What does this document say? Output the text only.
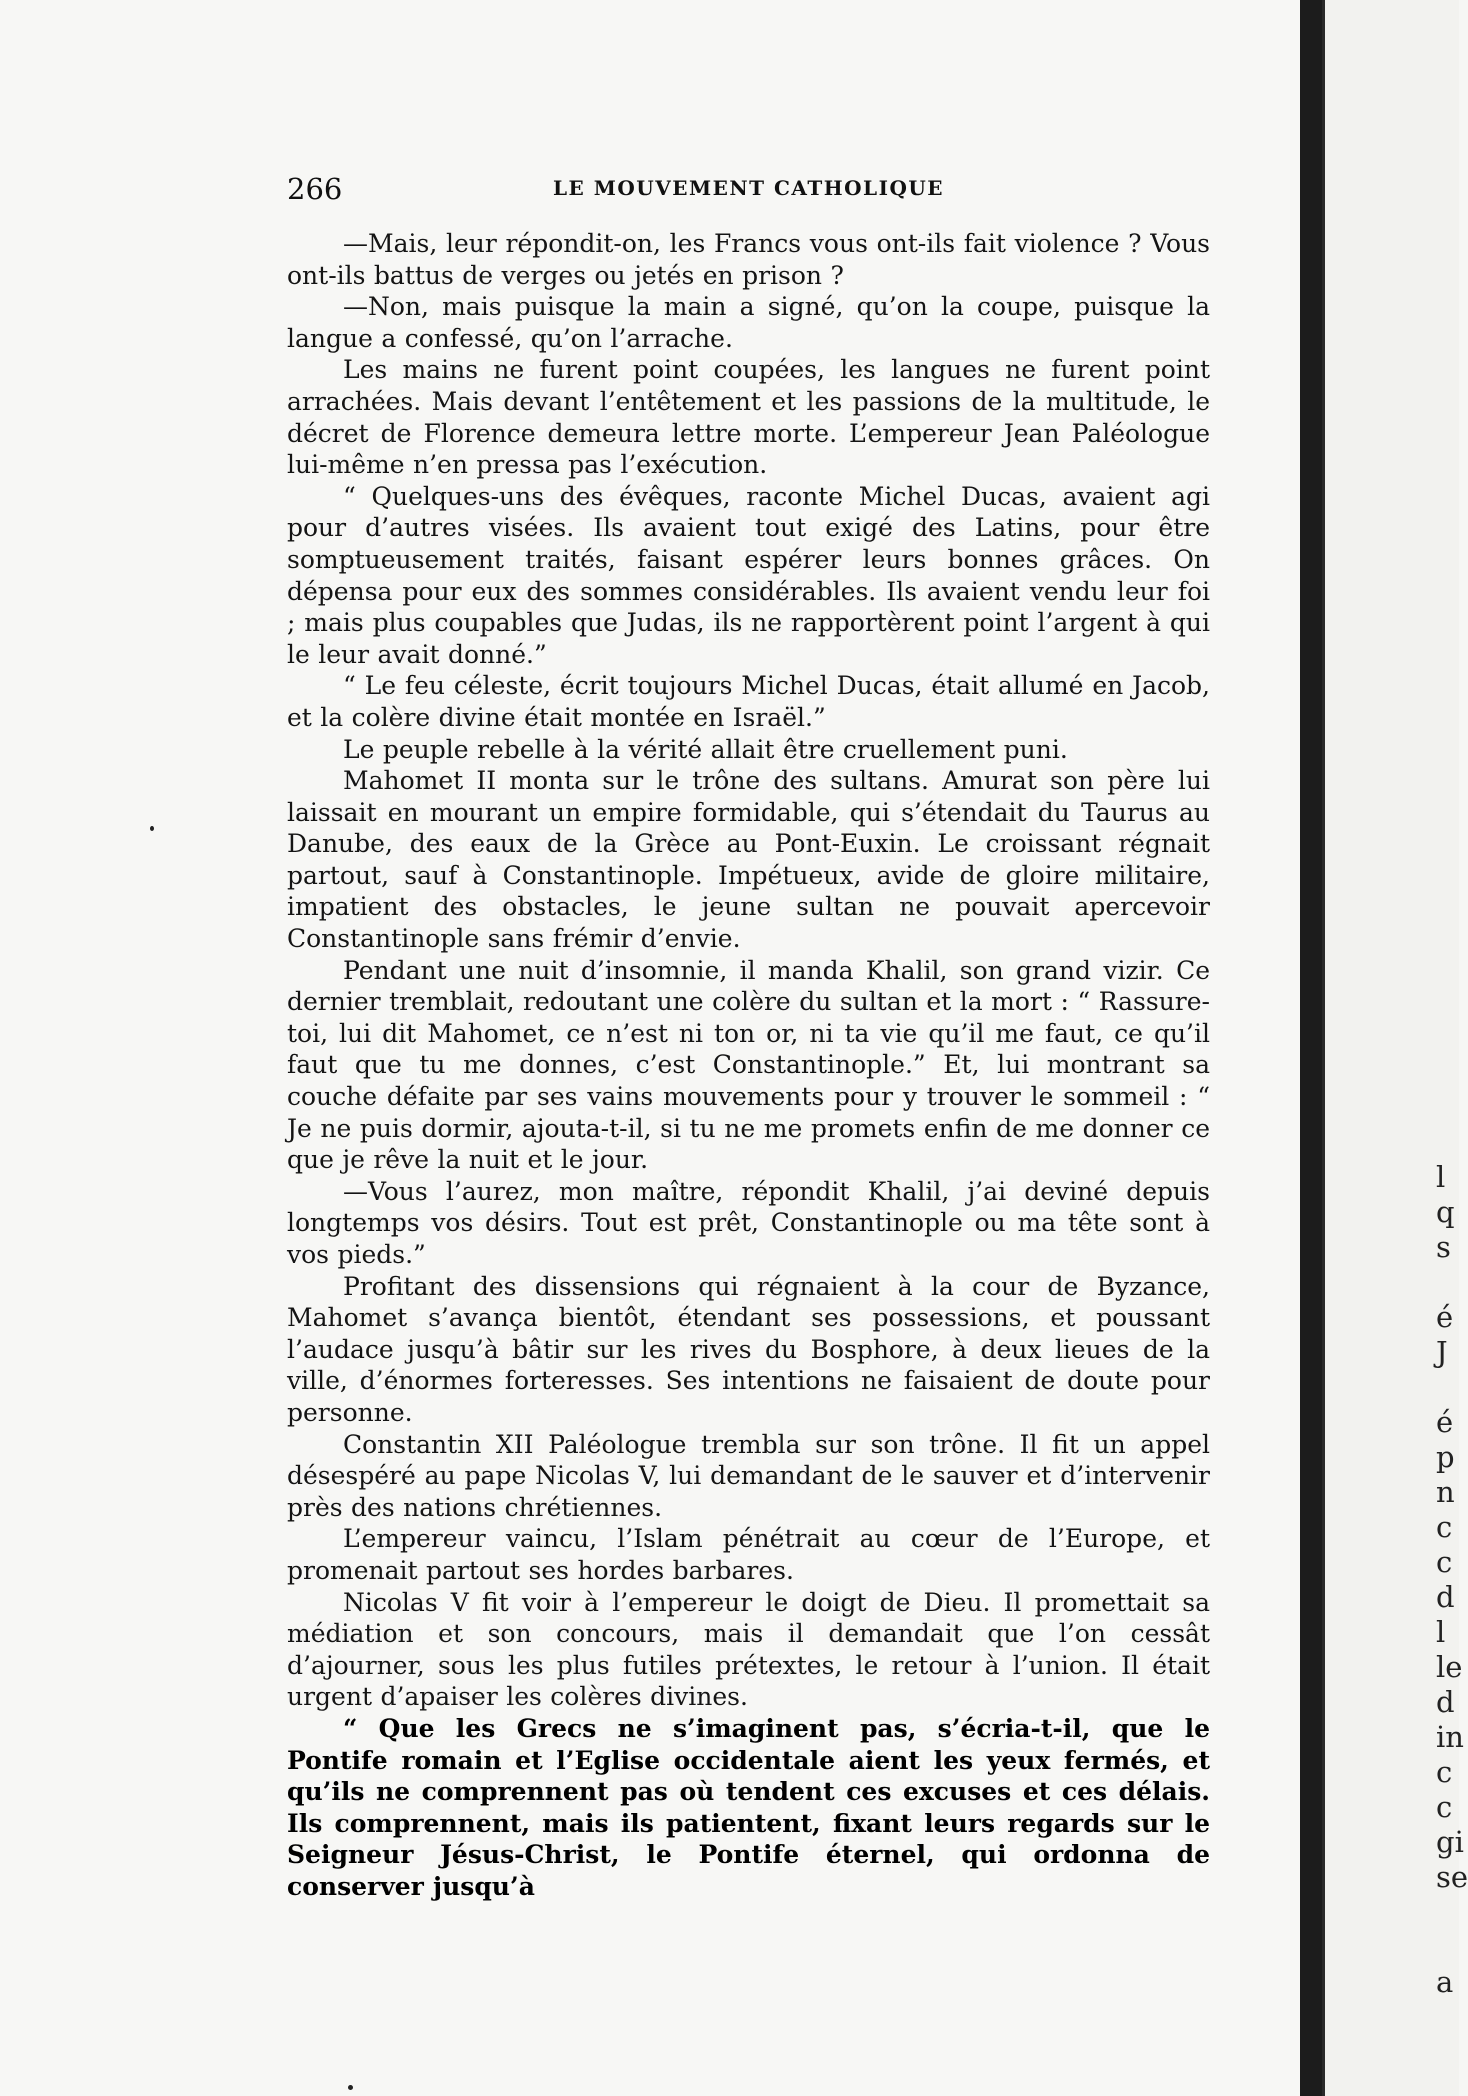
266	LE MOUVEMENT CATHOLIQUE

—Mais, leur répondit-on, les Francs vous ont-ils fait violence ? Vous ont-ils battus de verges ou jetés en prison ?

—Non, mais puisque la main a signé, qu’on la coupe, puisque la langue a confessé, qu’on l’arrache.

Les mains ne furent point coupées, les langues ne furent point arrachées. Mais devant l’entêtement et les passions de la multitude, le décret de Florence demeura lettre morte. L’empereur Jean Paléologue lui-même n’en pressa pas l’exécution.

“ Quelques-uns des évêques, raconte Michel Ducas, avaient agi pour d’autres visées. Ils avaient tout exigé des Latins, pour être somptueusement traités, faisant espérer leurs bonnes grâces. On dépensa pour eux des sommes considérables. Ils avaient vendu leur foi ; mais plus coupables que Judas, ils ne rapportèrent point l’argent à qui le leur avait donné.”

“ Le feu céleste, écrit toujours Michel Ducas, était allumé en Jacob, et la colère divine était montée en Israël.”

Le peuple rebelle à la vérité allait être cruellement puni.

Mahomet II monta sur le trône des sultans. Amurat son père lui laissait en mourant un empire formidable, qui s’étendait du Taurus au Danube, des eaux de la Grèce au Pont-Euxin. Le croissant régnait partout, sauf à Constantinople. Impétueux, avide de gloire militaire, impatient des obstacles, le jeune sultan ne pouvait apercevoir Constantinople sans frémir d’envie.

Pendant une nuit d’insomnie, il manda Khalil, son grand vizir. Ce dernier tremblait, redoutant une colère du sultan et la mort : “ Rassure-toi, lui dit Mahomet, ce n’est ni ton or, ni ta vie qu’il me faut, ce qu’il faut que tu me donnes, c’est Constantinople.” Et, lui montrant sa couche défaite par ses vains mouvements pour y trouver le sommeil : “ Je ne puis dormir, ajouta-t-il, si tu ne me promets enfin de me donner ce que je rêve la nuit et le jour.

—Vous l’aurez, mon maître, répondit Khalil, j’ai deviné depuis longtemps vos désirs. Tout est prêt, Constantinople ou ma tête sont à vos pieds.”

Profitant des dissensions qui régnaient à la cour de Byzance, Mahomet s’avança bientôt, étendant ses possessions, et poussant l’audace jusqu’à bâtir sur les rives du Bosphore, à deux lieues de la ville, d’énormes forteresses. Ses intentions ne faisaient de doute pour personne.

Constantin XII Paléologue trembla sur son trône. Il fit un appel désespéré au pape Nicolas V, lui demandant de le sauver et d’intervenir près des nations chrétiennes.

L’empereur vaincu, l’Islam pénétrait au cœur de l’Europe, et promenait partout ses hordes barbares.

Nicolas V fit voir à l’empereur le doigt de Dieu. Il promettait sa médiation et son concours, mais il demandait que l’on cessât d’ajourner, sous les plus futiles prétextes, le retour à l’union. Il était urgent d’apaiser les colères divines.

“ Que les Grecs ne s’imaginent pas, s’écria-t-il, que le Pontife romain et l’Eglise occidentale aient les yeux fermés, et qu’ils ne comprennent pas où tendent ces excuses et ces délais. Ils comprennent, mais ils patientent, fixant leurs regards sur le Seigneur Jésus-Christ, le Pontife éternel, qui ordonna de conserver jusqu’à

l
q
s

é
J

é
p
n
c
c
d
l
le
d
in
c
c
gi
se

a
